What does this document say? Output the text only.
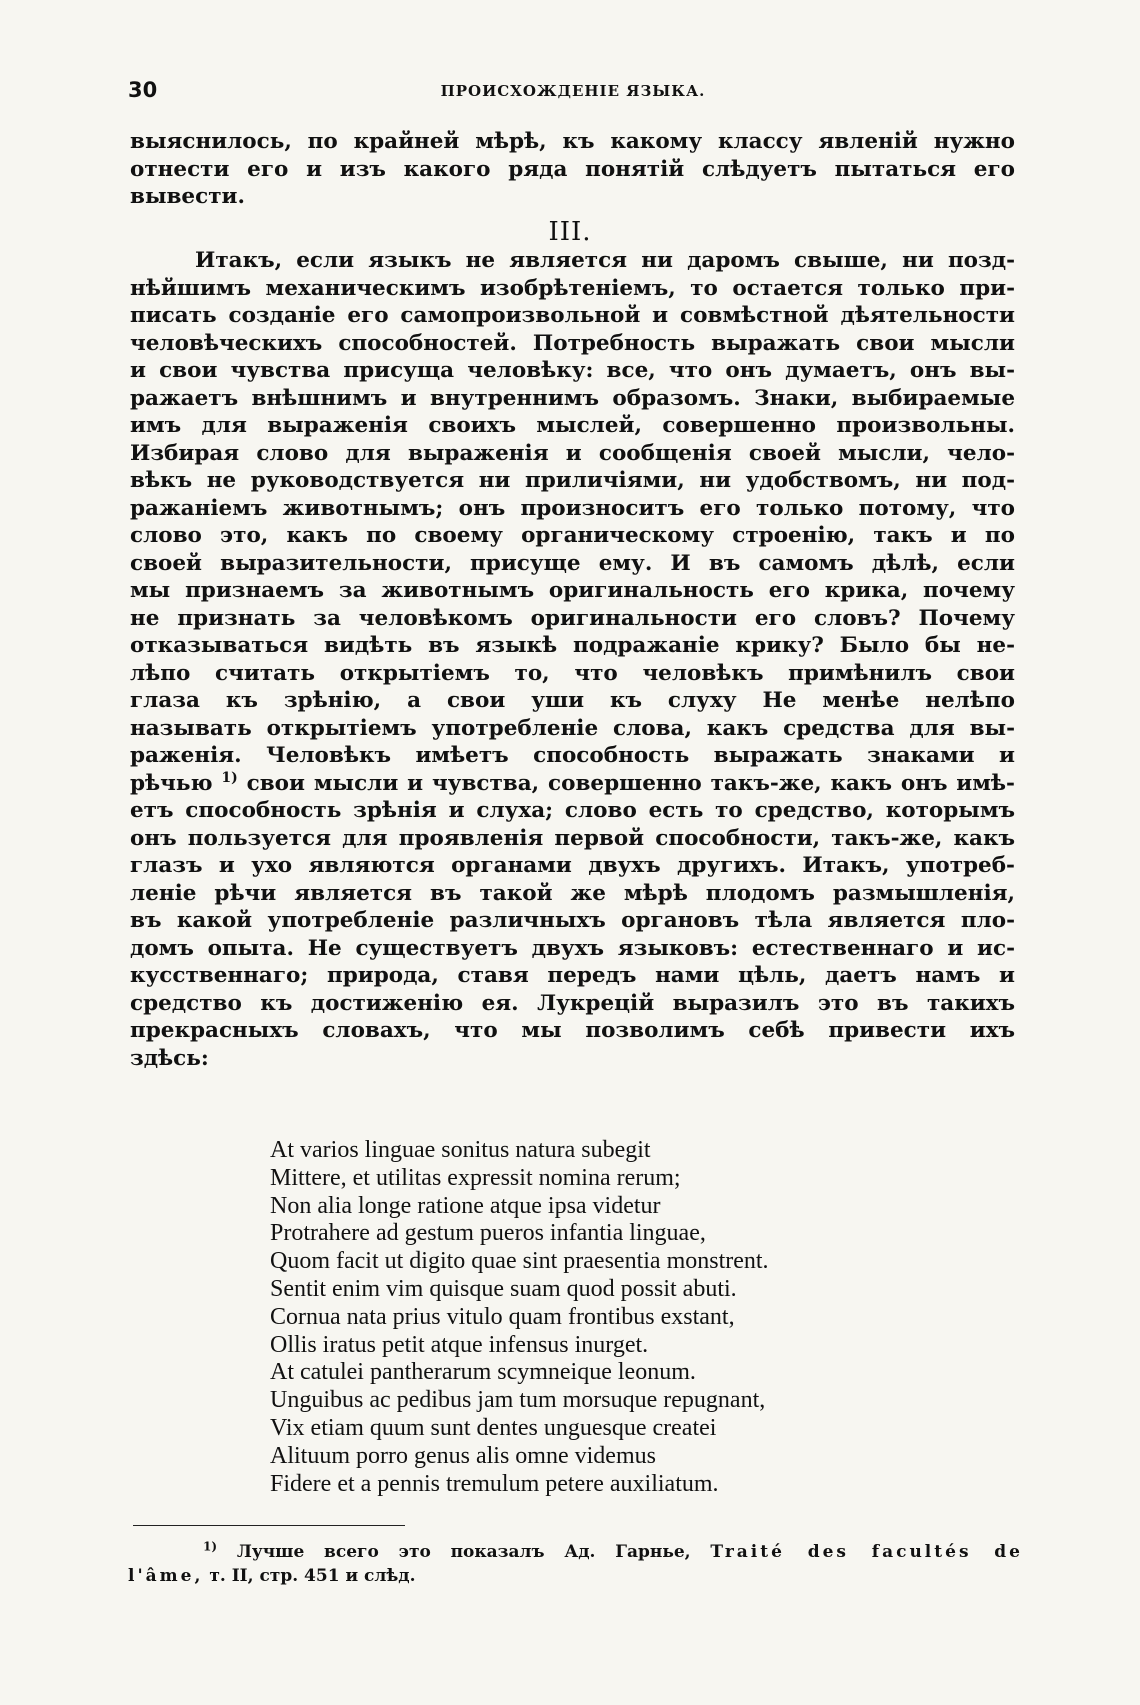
30	ПРОИСХОЖДЕНІЕ ЯЗЫКА.
выяснилось, по крайней мѣрѣ, къ какому классу явленій нужно
отнести его и изъ какого ряда понятій слѣдуетъ пытаться его
вывести.
III.
Итакъ, если языкъ не является ни даромъ свыше, ни позд-
нѣйшимъ механическимъ изобрѣтеніемъ, то остается только при-
писать созданіе его самопроизвольной и совмѣстной дѣятельности
человѣческихъ способностей. Потребность выражать свои мысли
и свои чувства присуща человѣку: все, что онъ думаетъ, онъ вы-
ражаетъ внѣшнимъ и внутреннимъ образомъ. Знаки, выбираемые
имъ для выраженія своихъ мыслей, совершенно произвольны.
Избирая слово для выраженія и сообщенія своей мысли, чело-
вѣкъ не руководствуется ни приличіями, ни удобствомъ, ни под-
ражаніемъ животнымъ; онъ произноситъ его только потому, что
слово это, какъ по своему органическому строенію, такъ и по
своей выразительности, присуще ему. И въ самомъ дѣлѣ, если
мы признаемъ за животнымъ оригинальность его крика, почему
не признать за человѣкомъ оригинальности его словъ? Почему
отказываться видѣть въ языкѣ подражаніе крику? Было бы не-
лѣпо считать открытіемъ то, что человѣкъ примѣнилъ свои
глаза къ зрѣнію, а свои уши къ слуху Не менѣе нелѣпо
называть открытіемъ употребленіе слова, какъ средства для вы-
раженія. Человѣкъ имѣетъ способность выражать знаками и
рѣчью $^{1)}$ свои мысли и чувства, совершенно такъ-же, какъ онъ имѣ-
етъ способность зрѣнія и слуха; слово есть то средство, которымъ
онъ пользуется для проявленія первой способности, такъ-же, какъ
глазъ и ухо являются органами двухъ другихъ. Итакъ, употреб-
леніе рѣчи является въ такой же мѣрѣ плодомъ размышленія,
въ какой употребленіе различныхъ органовъ тѣла является пло-
домъ опыта. Не существуетъ двухъ языковъ: естественнаго и ис-
кусственнаго; природа, ставя передъ нами цѣль, даетъ намъ и
средство къ достиженію ея. Лукрецій выразилъ это въ такихъ
прекрасныхъ словахъ, что мы позволимъ себѣ привести ихъ
здѣсь:
At varios linguae sonitus natura subegit
Mittere, et utilitas expressit nomina rerum;
Non alia longe ratione atque ipsa videtur
Protrahere ad gestum pueros infantia linguae,
Quom facit ut digito quae sint praesentia monstrent.
Sentit enim vim quisque suam quod possit abuti.
Cornua nata prius vitulo quam frontibus exstant,
Ollis iratus petit atque infensus inurget.
At catulei pantherarum scymneique leonum.
Unguibus ac pedibus jam tum morsuque repugnant,
Vix etiam quum sunt dentes unguesque createi
Alituum porro genus alis omne videmus
Fidere et a pennis tremulum petere auxiliatum.
$^{1)}$ Лучше всего это показалъ Ад. Гарнье, Traité des facultés de
l'âme, т. II, стр. 451 и слѣд.
